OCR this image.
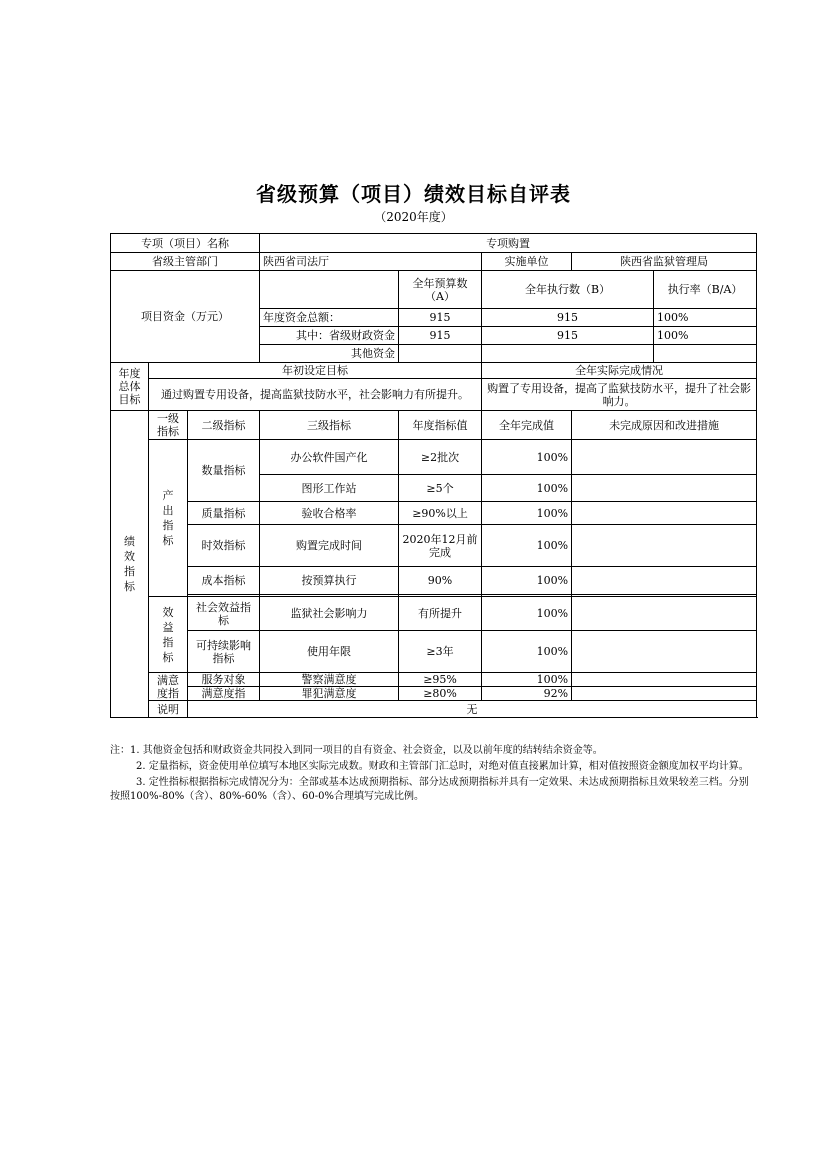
省级预算（项目）绩效目标自评表
（2020年度）
专项（项目）名称			专项购置				
省级主管部门			陕西省司法厅		实施单位	陕西省监狱管理局	
项目资金（万元）				全年预算数（A）	全年执行数（B）		执行率（B/A）
			年度资金总额：	915	915		100%
			其中：省级财政资金	915	915		100%
			其他资金				
年度总体目标	年初设定目标				全年实际完成情况		
	通过购置专用设备，提高监狱技防水平，社会影响力有所提升。				购置了专用设备，提高了监狱技防水平，提升了社会影响力。		
绩效指标	一级指标	二级指标	三级指标	年度指标值	全年完成值	未完成原因和改进措施	
	产出指标	数量指标	办公软件国产化	≥2批次	100%		
			图形工作站	≥5个	100%		
		质量指标	验收合格率	≥90%以上	100%		
		时效指标	购置完成时间	2020年12月前完成	100%		
		成本指标	按预算执行	90%	100%		

	效益指标	社会效益指标	监狱社会影响力	有所提升	100%		
		可持续影响指标	使用年限	≥3年	100%		
	满意度指	服务对象	警察满意度	≥95%	100%		
		满意度指	罪犯满意度	≥80%	92%		
	说明	无					

注：1. 其他资金包括和财政资金共同投入到同一项目的自有资金、社会资金，以及以前年度的结转结余资金等。

2. 定量指标，资金使用单位填写本地区实际完成数。财政和主管部门汇总时，对绝对值直接累加计算，相对值按照资金额度加权平均计算。

3. 定性指标根据指标完成情况分为：全部或基本达成预期指标、部分达成预期指标并具有一定效果、未达成预期指标且效果较差三档。分别按照100%-80%（含）、80%-60%（含）、60-0%合理填写完成比例。
